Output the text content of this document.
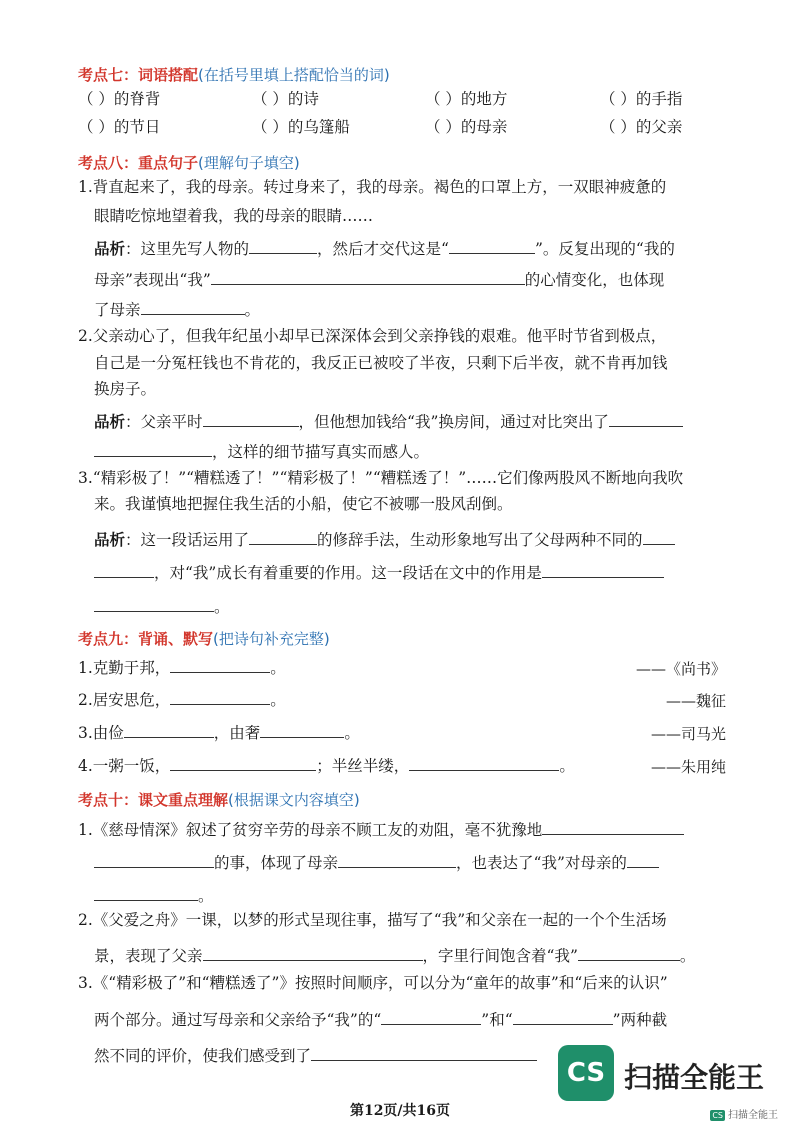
考点七：词语搭配(在括号里填上搭配恰当的词)
（ ）的脊背	（ ）的诗	（ ）的地方	（ ）的手指
（ ）的节日	（ ）的乌篷船	（ ）的母亲	（ ）的父亲
考点八：重点句子(理解句子填空)
1.背直起来了，我的母亲。转过身来了，我的母亲。褐色的口罩上方，一双眼神疲惫的
眼睛吃惊地望着我，我的母亲的眼睛……
品析：这里先写人物的	，然后才交代这是“	”。反复出现的“我的
母亲”表现出“我”	的心情变化，也体现
了母亲	。
2.父亲动心了，但我年纪虽小却早已深深体会到父亲挣钱的艰难。他平时节省到极点，
自己是一分冤枉钱也不肯花的，我反正已被咬了半夜，只剩下后半夜，就不肯再加钱
换房子。
品析：父亲平时	，但他想加钱给“我”换房间，通过对比突出了
，这样的细节描写真实而感人。
3.“精彩极了！”“糟糕透了！”“精彩极了！”“糟糕透了！”……它们像两股风不断地向我吹
来。我谨慎地把握住我生活的小船，使它不被哪一股风刮倒。
品析：这一段话运用了	的修辞手法，生动形象地写出了父母两种不同的
，对“我”成长有着重要的作用。这一段话在文中的作用是
。
考点九：背诵、默写(把诗句补充完整)
1.克勤于邦，	。	——《尚书》
2.居安思危，	。	——魏征
3.由俭	，由奢	。	——司马光
4.一粥一饭，	；半丝半缕，	。	——朱用纯
考点十：课文重点理解(根据课文内容填空)
1.《慈母情深》叙述了贫穷辛劳的母亲不顾工友的劝阻，毫不犹豫地
的事，体现了母亲	，也表达了“我”对母亲的
。
2.《父爱之舟》一课，以梦的形式呈现往事，描写了“我”和父亲在一起的一个个生活场
景，表现了父亲	，字里行间饱含着“我”	。
3.《“精彩极了”和“糟糕透了”》按照时间顺序，可以分为“童年的故事”和“后来的认识”
两个部分。通过写母亲和父亲给予“我”的“	”和“	”两种截
然不同的评价，使我们感受到了
CS 扫描全能王
第12页/共16页	CS 扫描全能王
